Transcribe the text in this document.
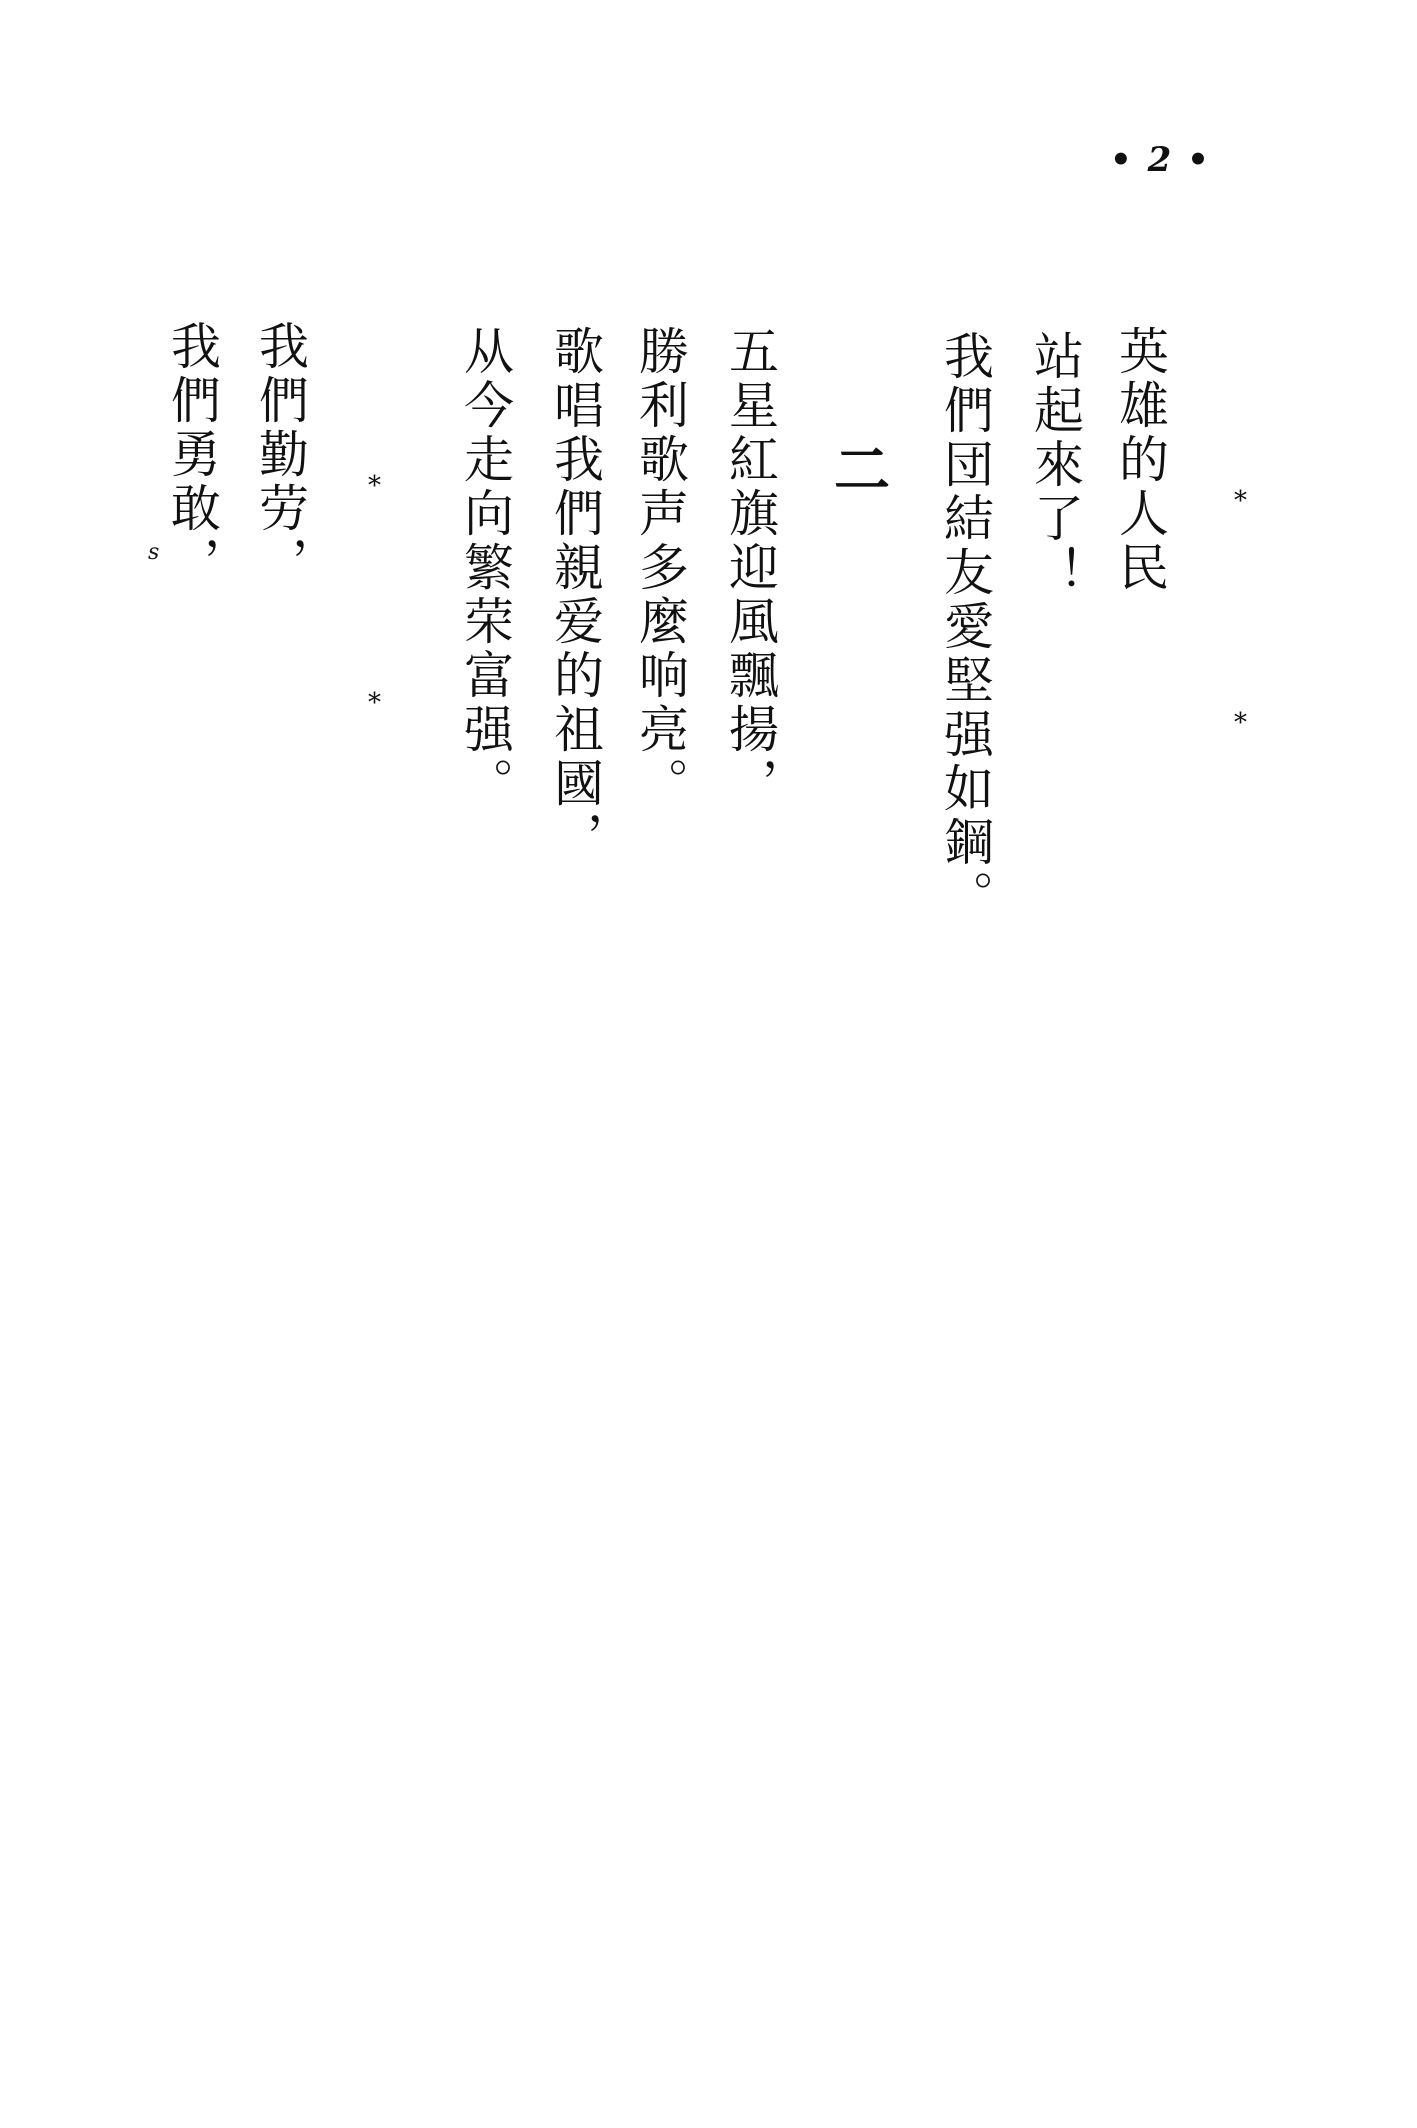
• 2 •
英雄的人民
站起來了！
我們団結友愛堅强如鋼。	*
*
二
五星紅旗迎風飄揚，
勝利歌声多麼响亮。
歌唱我們親爱的祖國，
从今走向繁荣富强。
*
*
我們勤劳，
我們勇敢，
s
